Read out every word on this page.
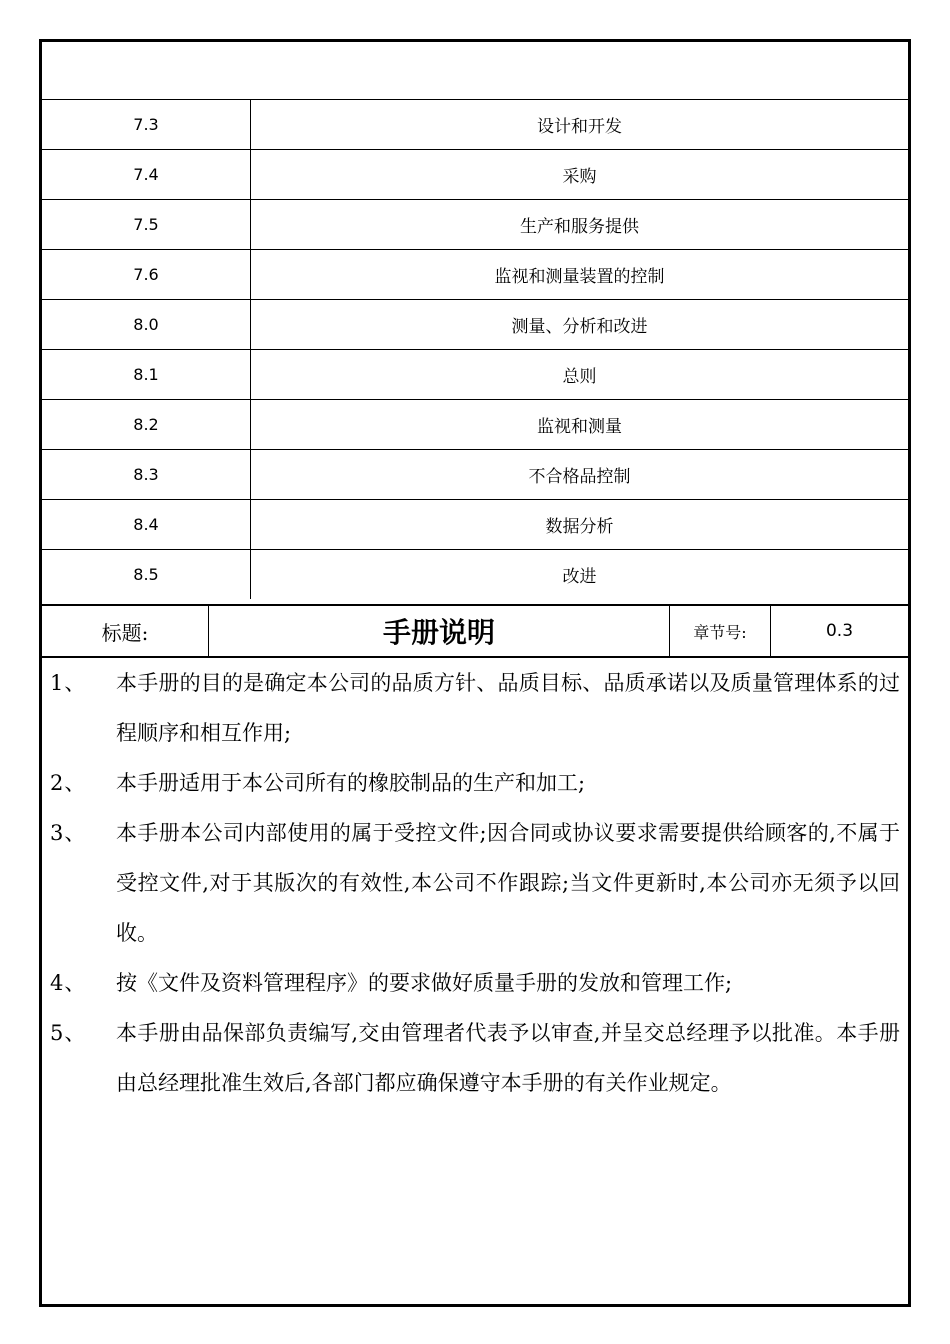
7.3	设计和开发
7.4	采购
7.5	生产和服务提供
7.6	监视和测量装置的控制
8.0	测量、分析和改进
8.1	总则
8.2	监视和测量
8.3	不合格品控制
8.4	数据分析
8.5	改进
标题:	手册说明	章节号:	0.3
1、	本手册的目的是确定本公司的品质方针、品质目标、品质承诺以及质量管理体系的过程顺序和相互作用;
2、	本手册适用于本公司所有的橡胶制品的生产和加工;
3、	本手册本公司内部使用的属于受控文件;因合同或协议要求需要提供给顾客的,不属于受控文件,对于其版次的有效性,本公司不作跟踪;当文件更新时,本公司亦无须予以回收。
4、	按《文件及资料管理程序》的要求做好质量手册的发放和管理工作;
5、	本手册由品保部负责编写,交由管理者代表予以审查,并呈交总经理予以批准。本手册由总经理批准生效后,各部门都应确保遵守本手册的有关作业规定。
